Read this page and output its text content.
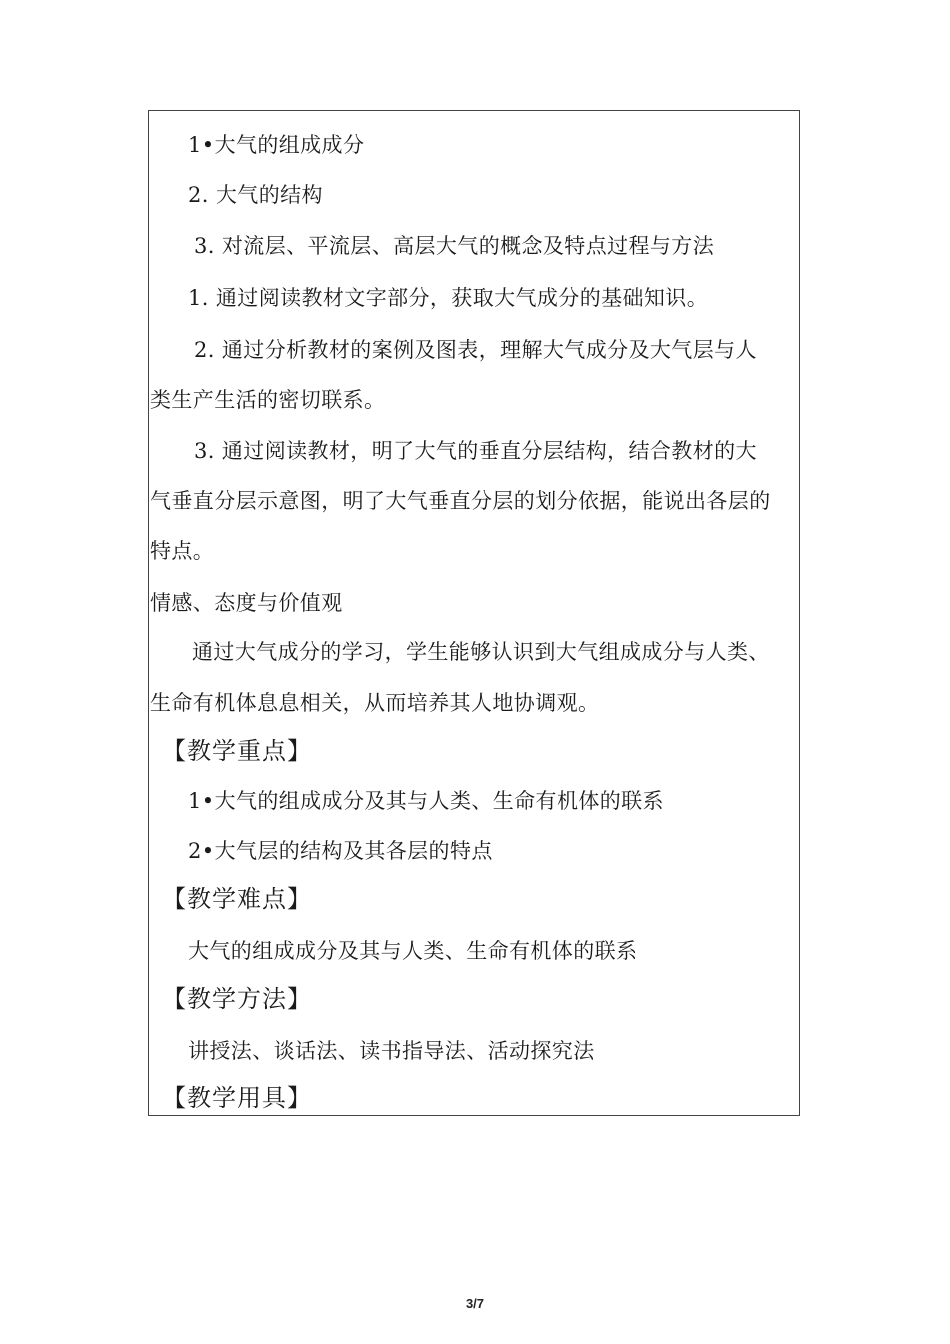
1•大气的组成成分
2. 大气的结构
3. 对流层、平流层、高层大气的概念及特点过程与方法
1. 通过阅读教材文字部分，获取大气成分的基础知识。
2. 通过分析教材的案例及图表，理解大气成分及大气层与人
类生产生活的密切联系。
3. 通过阅读教材，明了大气的垂直分层结构，结合教材的大
气垂直分层示意图，明了大气垂直分层的划分依据，能说出各层的
特点。
情感、态度与价值观
通过大气成分的学习，学生能够认识到大气组成成分与人类、
生命有机体息息相关，从而培养其人地协调观。
【教学重点】
1•大气的组成成分及其与人类、生命有机体的联系
2•大气层的结构及其各层的特点
【教学难点】
大气的组成成分及其与人类、生命有机体的联系
【教学方法】
讲授法、谈话法、读书指导法、活动探究法
【教学用具】
3/7
